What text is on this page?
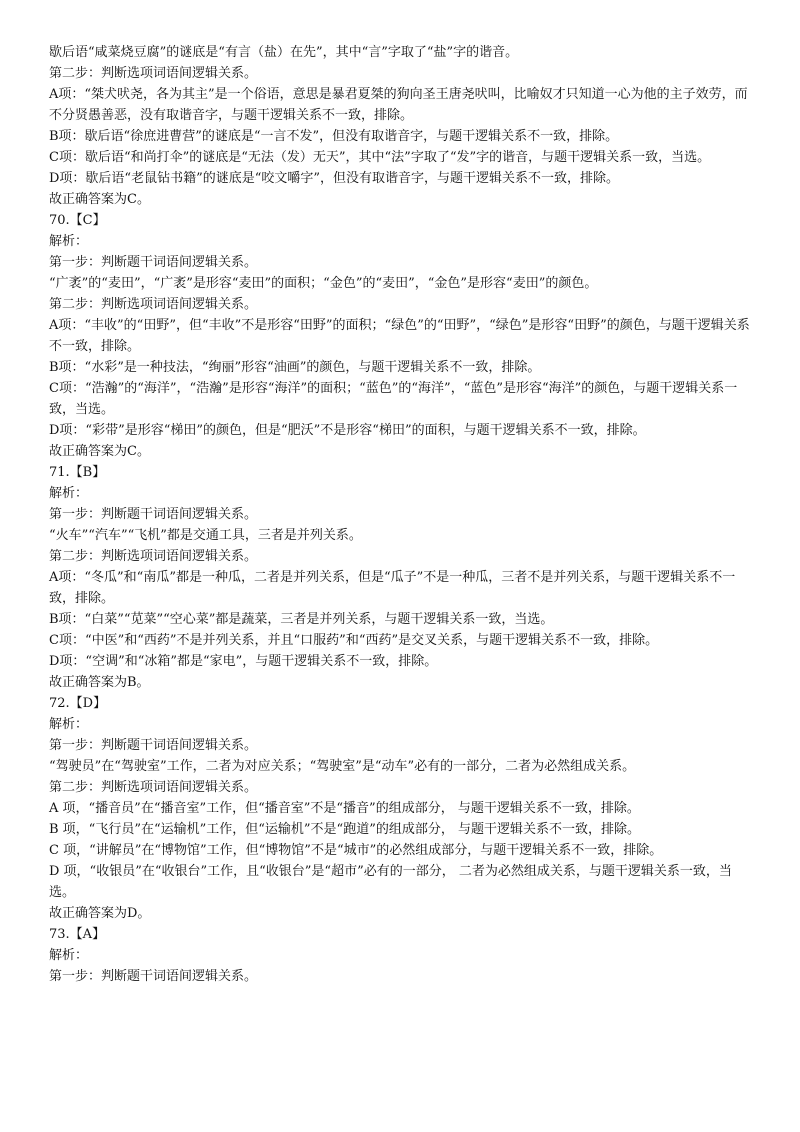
歇后语“咸菜烧豆腐”的谜底是“有言（盐）在先”，其中“言”字取了“盐”字的谐音。

第二步：判断选项词语间逻辑关系。

A项：“桀犬吠尧，各为其主”是一个俗语，意思是暴君夏桀的狗向圣王唐尧吠叫，比喻奴才只知道一心为他的主子效劳，而不分贤愚善恶，没有取谐音字，与题干逻辑关系不一致，排除。

B项：歇后语“徐庶进曹营”的谜底是“一言不发”，但没有取谐音字，与题干逻辑关系不一致，排除。

C项：歇后语“和尚打伞”的谜底是“无法（发）无天”，其中“法”字取了“发”字的谐音，与题干逻辑关系一致，当选。

D项：歇后语“老鼠钻书籍”的谜底是“咬文嚼字”，但没有取谐音字，与题干逻辑关系不一致，排除。

故正确答案为C。

70.【C】

解析：

第一步：判断题干词语间逻辑关系。

“广袤”的“麦田”，“广袤”是形容“麦田”的面积；“金色”的“麦田”，“金色”是形容“麦田”的颜色。

第二步：判断选项词语间逻辑关系。

A项：“丰收”的“田野”，但“丰收”不是形容“田野”的面积；“绿色”的“田野”，“绿色”是形容“田野”的颜色，与题干逻辑关系不一致，排除。

B项：“水彩”是一种技法，“绚丽”形容“油画”的颜色，与题干逻辑关系不一致，排除。

C项：“浩瀚”的“海洋”，“浩瀚”是形容“海洋”的面积；“蓝色”的“海洋”，“蓝色”是形容“海洋”的颜色，与题干逻辑关系一致，当选。

D项：“彩带”是形容“梯田”的颜色，但是“肥沃”不是形容“梯田”的面积，与题干逻辑关系不一致，排除。

故正确答案为C。

71.【B】

解析：

第一步：判断题干词语间逻辑关系。

“火车”“汽车”“飞机”都是交通工具，三者是并列关系。

第二步：判断选项词语间逻辑关系。

A项：“冬瓜”和“南瓜”都是一种瓜，二者是并列关系，但是“瓜子”不是一种瓜，三者不是并列关系，与题干逻辑关系不一致，排除。

B项：“白菜”“苋菜”“空心菜”都是蔬菜，三者是并列关系，与题干逻辑关系一致，当选。

C项：“中医”和“西药”不是并列关系，并且“口服药”和“西药”是交叉关系，与题干逻辑关系不一致，排除。

D项：“空调”和“冰箱”都是“家电”，与题干逻辑关系不一致，排除。

故正确答案为B。

72.【D】

解析：

第一步：判断题干词语间逻辑关系。

“驾驶员”在“驾驶室”工作，二者为对应关系；“驾驶室”是“动车”必有的一部分，二者为必然组成关系。

第二步：判断选项词语间逻辑关系。

A 项，“播音员”在“播音室”工作，但“播音室”不是“播音”的组成部分， 与题干逻辑关系不一致，排除。

B 项，“飞行员”在“运输机”工作，但“运输机”不是“跑道”的组成部分， 与题干逻辑关系不一致，排除。

C 项，“讲解员”在“博物馆”工作，但“博物馆”不是“城市”的必然组成部分，与题干逻辑关系不一致，排除。

D 项，“收银员”在“收银台”工作，且“收银台”是“超市”必有的一部分， 二者为必然组成关系，与题干逻辑关系一致，当选。

故正确答案为D。

73.【A】

解析：

第一步：判断题干词语间逻辑关系。
